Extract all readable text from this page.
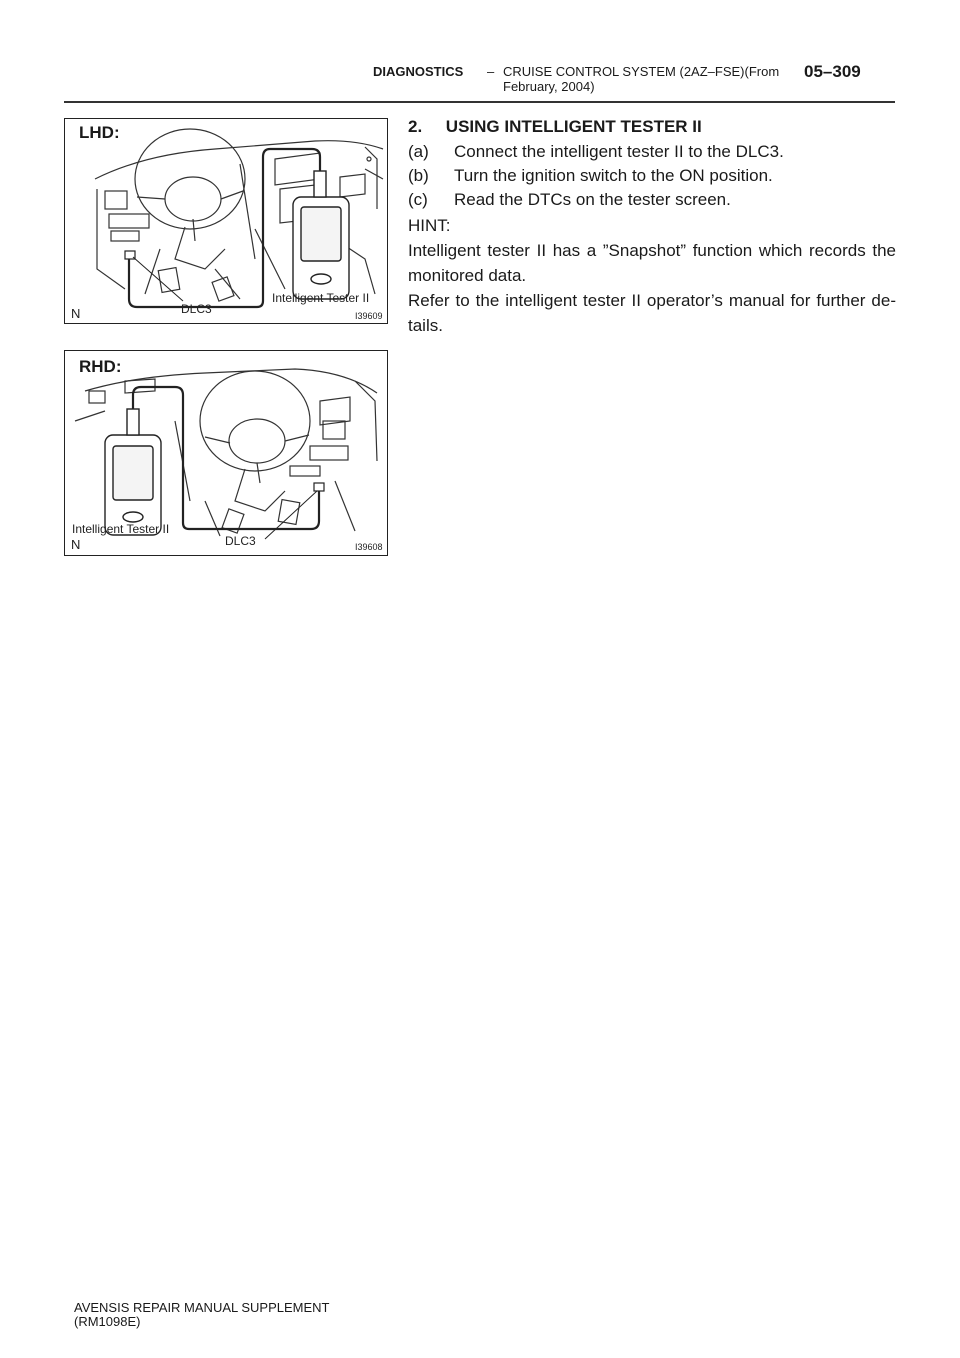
DIAGNOSTICS – CRUISE CONTROL SYSTEM (2AZ–FSE)(From February, 2004)
05–309
LHD:
DLC3
Intelligent Tester II
I39609
N
RHD:
Intelligent Tester II
DLC3	I39608
N
2.     USING INTELLIGENT TESTER II
(a) Connect the intelligent tester II to the DLC3.
(b) Turn the ignition switch to the ON position.
(c) Read the DTCs on the tester screen.
HINT:
Intelligent tester II has a ”Snapshot” function which records the monitored data.
Refer to the intelligent tester II operator’s manual for further de- tails.
AVENSIS REPAIR MANUAL SUPPLEMENT
(RM1098E)
